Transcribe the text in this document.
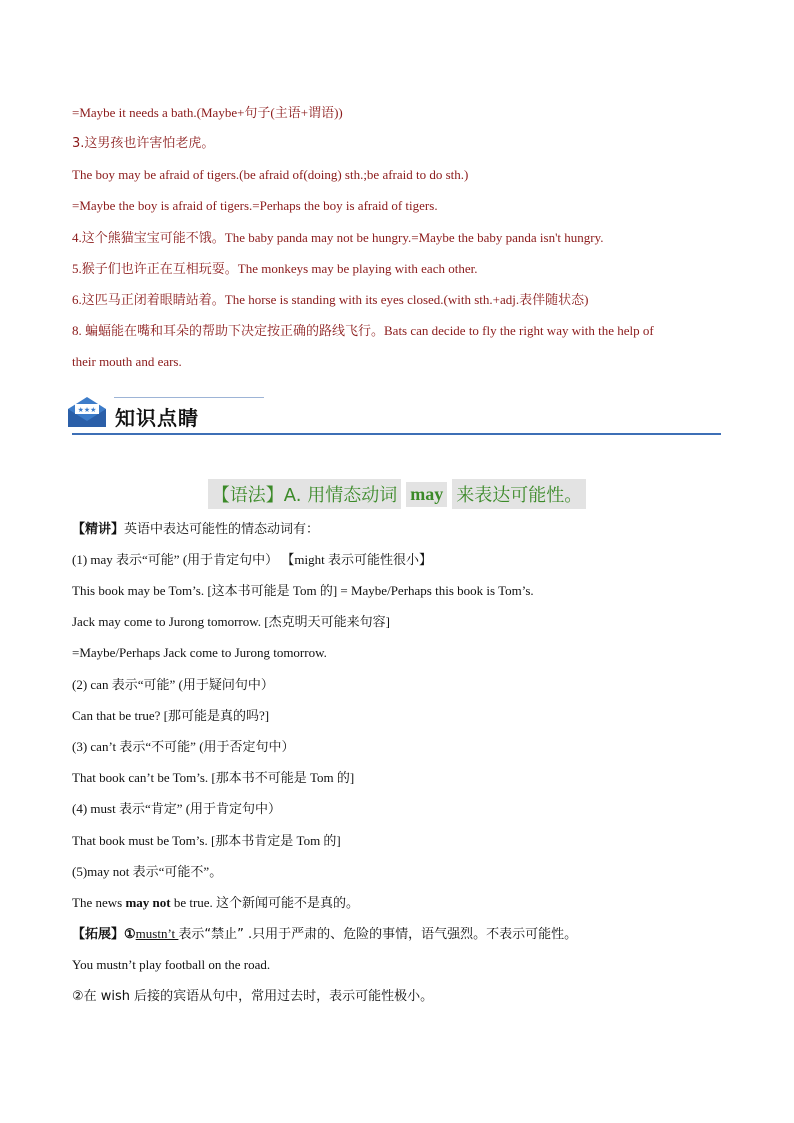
=Maybe it needs a bath.(Maybe+句子(主语+谓语))
3.这男孩也许害怕老虎。
The boy may be afraid of tigers.(be afraid of(doing) sth.;be afraid to do sth.)
=Maybe the boy is afraid of tigers.=Perhaps the boy is afraid of tigers.
4.这个熊猫宝宝可能不饿。The baby panda may not be hungry.=Maybe the baby panda isn't hungry.
5.猴子们也许正在互相玩耍。The monkeys may be playing with each other.
6.这匹马正闭着眼睛站着。The horse is standing with its eyes closed.(with sth.+adj.表伴随状态)
8. 蝙蝠能在嘴和耳朵的帮助下决定按正确的路线飞行。Bats can decide to fly the right way with the help of
their mouth and ears.
★★★ 知识点睛
【语法】A. 用情态动词 may 来表达可能性。
【精讲】英语中表达可能性的情态动词有：
(1) may 表示“可能” (用于肯定句中） 【might 表示可能性很小】
This book may be Tom’s. [这本书可能是 Tom 的] = Maybe/Perhaps this book is Tom’s.
Jack may come to Jurong tomorrow. [杰克明天可能来句容]
=Maybe/Perhaps Jack come to Jurong tomorrow.
(2) can 表示“可能” (用于疑问句中）
Can that be true? [那可能是真的吗?]
(3) can’t 表示“不可能” (用于否定句中）
That book can’t be Tom’s. [那本书不可能是 Tom 的]
(4) must 表示“肯定” (用于肯定句中）
That book must be Tom’s. [那本书肯定是 Tom 的]
(5)may not 表示“可能不”。
The news may not be true. 这个新闻可能不是真的。
【拓展】①mustn’t 表示“禁止” .只用于严肃的、危险的事情，语气强烈。不表示可能性。
You mustn’t play football on the road.
②在 wish 后接的宾语从句中，常用过去时，表示可能性极小。
